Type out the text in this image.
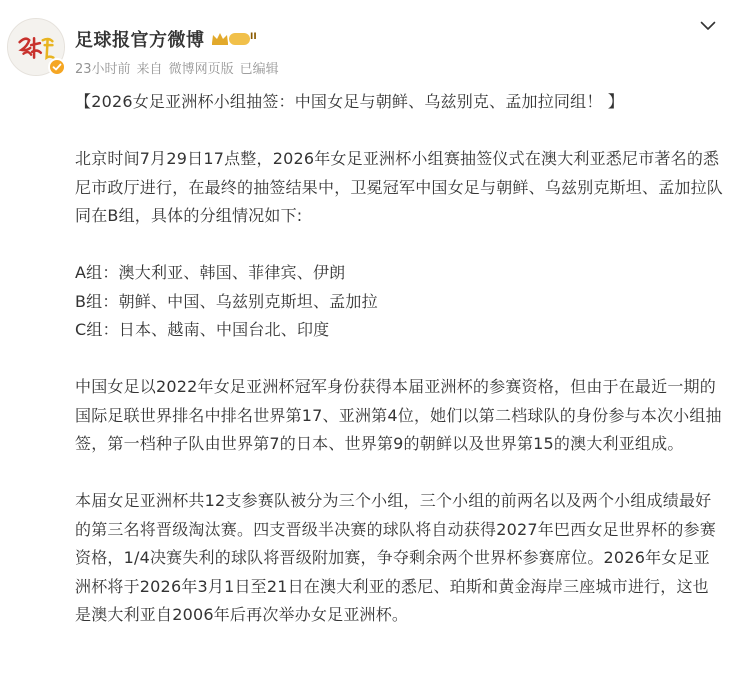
足球报官方微博	II
23小时前 来自 微博网页版 已编辑

【2026女足亚洲杯小组抽签：中国女足与朝鲜、乌兹别克、孟加拉同组！ 】

北京时间7月29日17点整，2026年女足亚洲杯小组赛抽签仪式在澳大利亚悉尼市著名的悉尼市政厅进行，在最终的抽签结果中，卫冕冠军中国女足与朝鲜、乌兹别克斯坦、孟加拉队同在B组，具体的分组情况如下:

A组：澳大利亚、韩国、菲律宾、伊朗

B组：朝鲜、中国、乌兹别克斯坦、孟加拉

C组：日本、越南、中国台北、印度

中国女足以2022年女足亚洲杯冠军身份获得本届亚洲杯的参赛资格，但由于在最近一期的国际足联世界排名中排名世界第17、亚洲第4位，她们以第二档球队的身份参与本次小组抽签，第一档种子队由世界第7的日本、世界第9的朝鲜以及世界第15的澳大利亚组成。

本届女足亚洲杯共12支参赛队被分为三个小组，三个小组的前两名以及两个小组成绩最好的第三名将晋级淘汰赛。四支晋级半决赛的球队将自动获得2027年巴西女足世界杯的参赛资格，1/4决赛失利的球队将晋级附加赛，争夺剩余两个世界杯参赛席位。2026年女足亚洲杯将于2026年3月1日至21日在澳大利亚的悉尼、珀斯和黄金海岸三座城市进行，这也是澳大利亚自2006年后再次举办女足亚洲杯。
